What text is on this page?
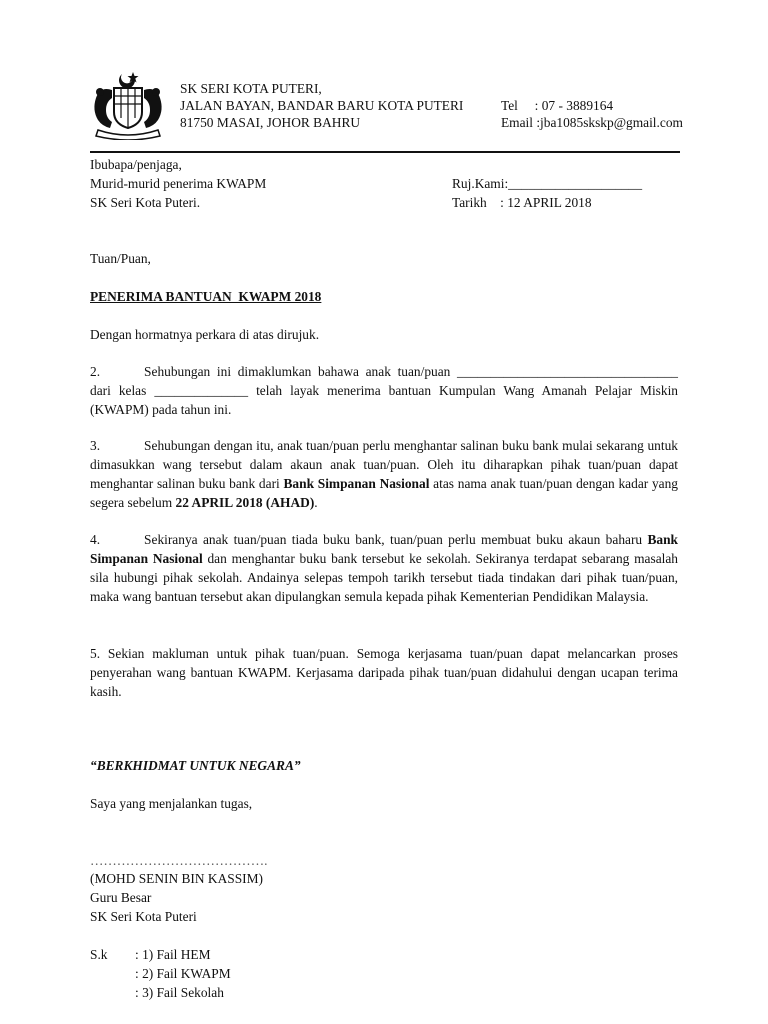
SK SERI KOTA PUTERI,
JALAN BAYAN, BANDAR BARU KOTA PUTERI
81750 MASAI, JOHOR BAHRU
Tel     : 07 - 3889164
Email :jba1085skskp@gmail.com
Ibubapa/penjaga,
Murid-murid penerima KWAPM
SK Seri Kota Puteri.
Ruj.Kami:____________________
Tarikh    : 12 APRIL 2018
Tuan/Puan,
PENERIMA BANTUAN  KWAPM 2018
Dengan hormatnya perkara di atas dirujuk.
2.	Sehubungan ini dimaklumkan bahawa anak tuan/puan _________________________________ dari kelas ______________ telah layak menerima bantuan Kumpulan Wang Amanah Pelajar Miskin (KWAPM) pada tahun ini.
3.	Sehubungan dengan itu, anak tuan/puan perlu menghantar salinan buku bank mulai sekarang untuk dimasukkan wang tersebut dalam akaun anak tuan/puan. Oleh itu diharapkan pihak tuan/puan dapat menghantar salinan buku bank dari Bank Simpanan Nasional atas nama anak tuan/puan dengan kadar yang segera sebelum 22 APRIL 2018 (AHAD).
4.	Sekiranya anak tuan/puan tiada buku bank, tuan/puan perlu membuat buku akaun baharu Bank Simpanan Nasional dan menghantar buku bank tersebut ke sekolah. Sekiranya terdapat sebarang masalah sila hubungi pihak sekolah. Andainya selepas tempoh tarikh tersebut tiada tindakan dari pihak tuan/puan, maka wang bantuan tersebut akan dipulangkan semula kepada pihak Kementerian Pendidikan Malaysia.
5. Sekian makluman untuk pihak tuan/puan. Semoga kerjasama tuan/puan dapat melancarkan proses penyerahan wang bantuan KWAPM. Kerjasama daripada pihak tuan/puan didahului dengan ucapan terima kasih.
“BERKHIDMAT UNTUK NEGARA”
Saya yang menjalankan tugas,
………………………………….
(MOHD SENIN BIN KASSIM)
Guru Besar
SK Seri Kota Puteri
S.k : 1) Fail HEM
: 2) Fail KWAPM
: 3) Fail Sekolah
